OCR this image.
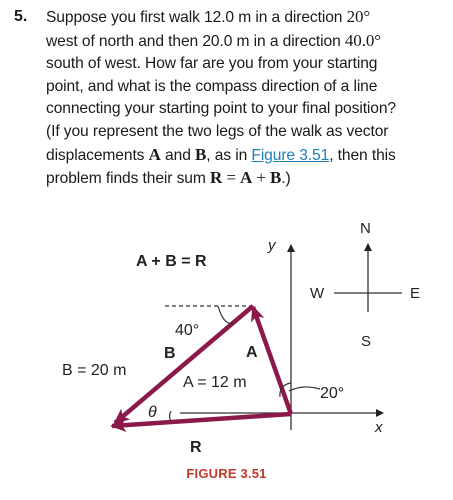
5. Suppose you first walk 12.0 m in a direction 20°
west of north and then 20.0 m in a direction 40.0°
south of west. How far are you from your starting
point, and what is the compass direction of a line
connecting your starting point to your final position?
(If you represent the two legs of the walk as vector
displacements A and B, as in Figure 3.51, then this
problem finds their sum R = A + B.)
y
x
N
S
W	E
A + B = R
40°
B	A
B = 20 m
A = 12 m
20°
θ
R
FIGURE 3.51
